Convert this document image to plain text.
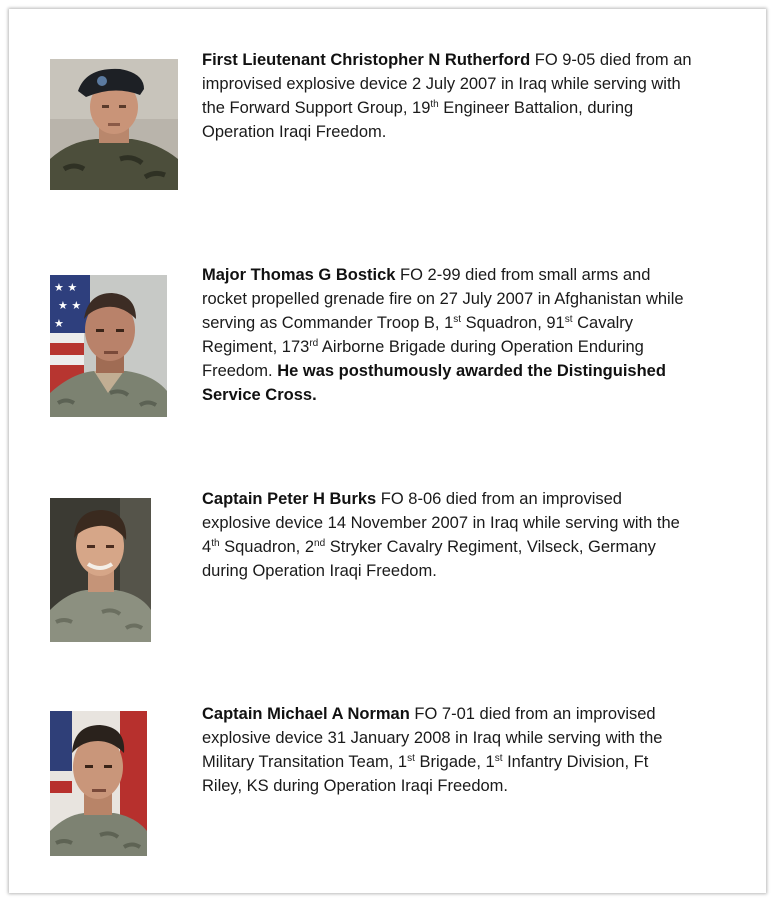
First Lieutenant Christopher N Rutherford FO 9-05 died from an
improvised explosive device 2 July 2007 in Iraq while serving with
the Forward Support Group, 19th Engineer Battalion, during
Operation Iraqi Freedom.
★ ★
★ ★
★
Major Thomas G Bostick FO 2-99 died from small arms and
rocket propelled grenade fire on 27 July 2007 in Afghanistan while
serving as Commander Troop B, 1st Squadron, 91st Cavalry
Regiment, 173rd Airborne Brigade during Operation Enduring
Freedom. He was posthumously awarded the Distinguished
Service Cross.
Captain Peter H Burks FO 8-06 died from an improvised
explosive device 14 November 2007 in Iraq while serving with the
4th Squadron, 2nd Stryker Cavalry Regiment, Vilseck, Germany
during Operation Iraqi Freedom.
Captain Michael A Norman FO 7-01 died from an improvised
explosive device 31 January 2008 in Iraq while serving with the
Military Transitation Team, 1st Brigade, 1st Infantry Division, Ft
Riley, KS during Operation Iraqi Freedom.
